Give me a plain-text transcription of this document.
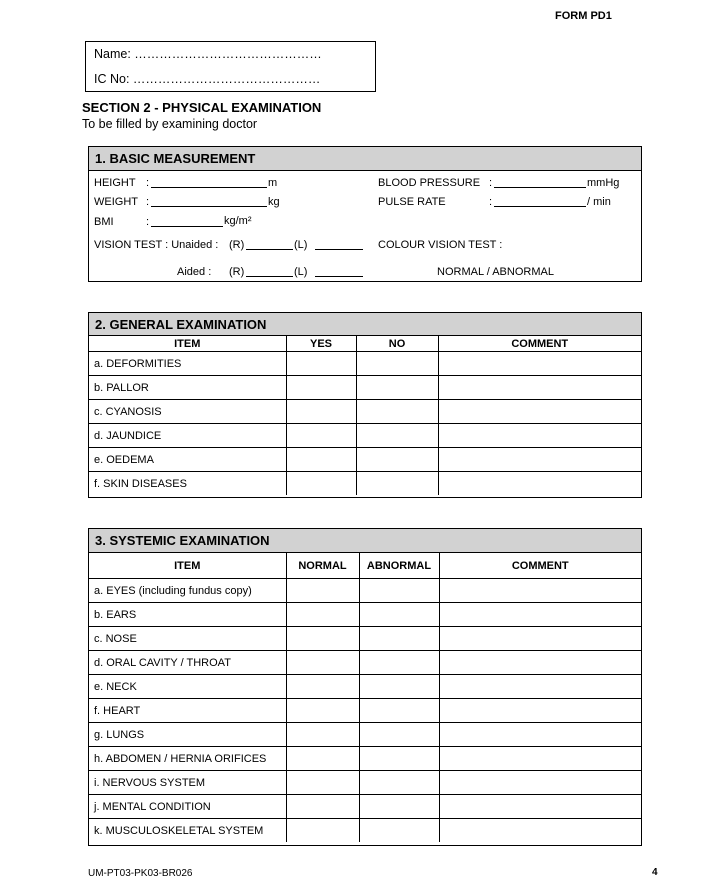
FORM PD1
Name: ………………………………………
IC No: ………………………………………
SECTION 2 - PHYSICAL EXAMINATION
To be filled by examining doctor
1. BASIC MEASUREMENT
HEIGHT :	m
WEIGHT :	kg
BMI	:	kg/m²
BLOOD PRESSURE :	mmHg
PULSE RATE	:	/ min
VISION TEST : Unaided : (R)	(L)
Aided : (R)	(L)
COLOUR VISION TEST :
NORMAL / ABNORMAL
2. GENERAL EXAMINATION
ITEM	YES	NO	COMMENT
a. DEFORMITIES			
b. PALLOR			
c. CYANOSIS			
d. JAUNDICE			
e. OEDEMA			
f. SKIN DISEASES			
3. SYSTEMIC EXAMINATION
ITEM	NORMAL	ABNORMAL	COMMENT
a. EYES (including fundus copy)			
b. EARS			
c. NOSE			
d. ORAL CAVITY / THROAT			
e. NECK			
f. HEART			
g. LUNGS			
h. ABDOMEN / HERNIA ORIFICES			
i. NERVOUS SYSTEM			
j. MENTAL CONDITION			
k. MUSCULOSKELETAL SYSTEM			
UM-PT03-PK03-BR026	4
